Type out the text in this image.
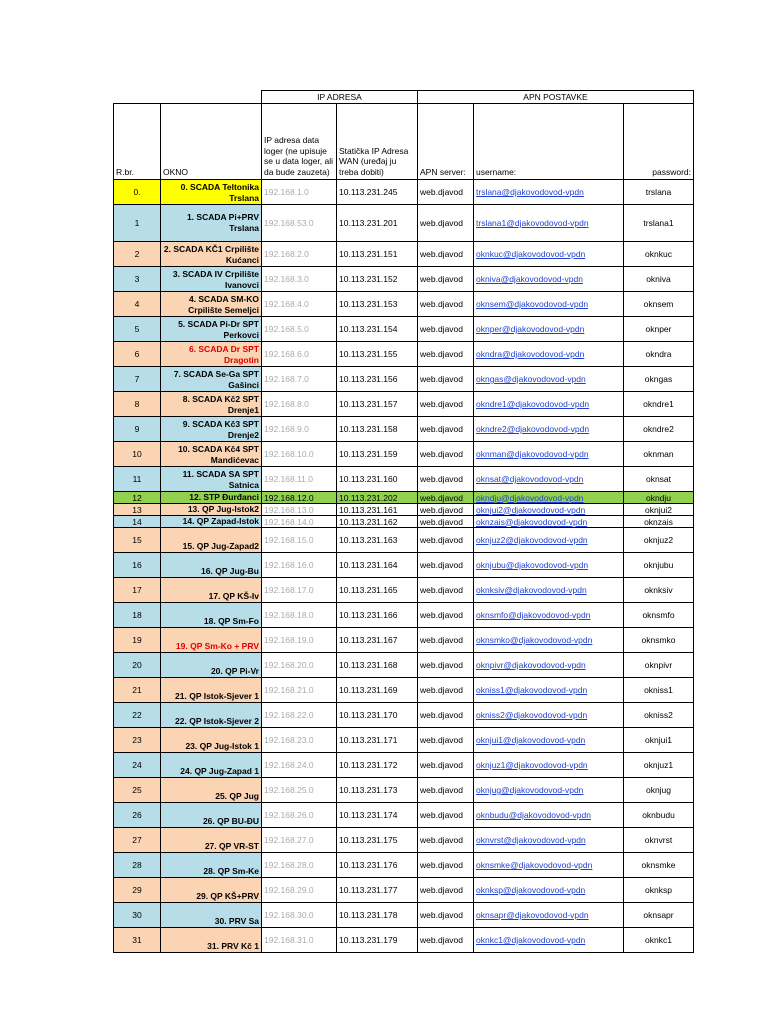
		IP ADRESA		APN POSTAVKE		
R.br.	OKNO	IP adresa data loger (ne upisuje se u data loger, ali da bude zauzeta)	Statička IP Adresa WAN (uređaj ju treba dobiti)	APN server:	username:	password:
0.	0. SCADA Teltonika Trslana	192.168.1.0	10.113.231.245	web.djavod	trslana@djakovodovod-vpdn	trslana
1	1. SCADA Pi+PRV Trslana	192.168.53.0	10.113.231.201	web.djavod	trslana1@djakovodovod-vpdn	trslana1
2	2. SCADA KČ1 Crpilište Kućanci	192.168.2.0	10.113.231.151	web.djavod	oknkuc@djakovodovod-vpdn	oknkuc
3	3. SCADA IV Crpilište Ivanovci	192.168.3.0	10.113.231.152	web.djavod	okniva@djakovodovod-vpdn	okniva
4	4. SCADA SM-KO Crpilište Semeljci	192.168.4.0	10.113.231.153	web.djavod	oknsem@djakovodovod-vpdn	oknsem
5	5. SCADA Pi-Dr SPT Perkovci	192.168.5.0	10.113.231.154	web.djavod	oknper@djakovodovod-vpdn	oknper
6	6. SCADA Dr SPT Dragotin	192.168.6.0	10.113.231.155	web.djavod	okndra@djakovodovod-vpdn	okndra
7	7. SCADA Se-Ga SPT Gašinci	192.168.7.0	10.113.231.156	web.djavod	okngas@djakovodovod-vpdn	okngas
8	8. SCADA Kč2 SPT Drenje1	192.168.8.0	10.113.231.157	web.djavod	okndre1@djakovodovod-vpdn	okndre1
9	9. SCADA Kč3 SPT Drenje2	192.168.9.0	10.113.231.158	web.djavod	okndre2@djakovodovod-vpdn	okndre2
10	10. SCADA Kč4 SPT Mandićevac	192.168.10.0	10.113.231.159	web.djavod	oknman@djakovodovod-vpdn	oknman
11	11. SCADA SA SPT Satnica	192.168.11.0	10.113.231.160	web.djavod	oknsat@djakovodovod-vpdn	oknsat
12	12. STP Đurđanci	192.168.12.0	10.113.231.202	web.djavod	okndju@djakovodovod-vpdn	okndju
13	13. QP Jug-Istok2	192.168.13.0	10.113.231.161	web.djavod	oknjui2@djakovodovod-vpdn	oknjui2
14	14. QP Zapad-Istok	192.168.14.0	10.113.231.162	web.djavod	oknzais@djakovodovod-vpdn	oknzais
15	15. QP Jug-Zapad2	192.168.15.0	10.113.231.163	web.djavod	oknjuz2@djakovodovod-vpdn	oknjuz2
16	16. QP Jug-Bu	192.168.16.0	10.113.231.164	web.djavod	oknjubu@djakovodovod-vpdn	oknjubu
17	17. QP KŠ-Iv	192.168.17.0	10.113.231.165	web.djavod	oknksiv@djakovodovod-vpdn	oknksiv
18	18. QP Sm-Fo	192.168.18.0	10.113.231.166	web.djavod	oknsmfo@djakovodovod-vpdn	oknsmfo
19	19. QP Sm-Ko + PRV	192.168.19.0	10.113.231.167	web.djavod	oknsmko@djakovodovod-vpdn	oknsmko
20	20. QP Pi-Vr	192.168.20.0	10.113.231.168	web.djavod	oknpivr@djakovodovod-vpdn	oknpivr
21	21. QP Istok-Sjever 1	192.168.21.0	10.113.231.169	web.djavod	okniss1@djakovodovod-vpdn	okniss1
22	22. QP Istok-Sjever 2	192.168.22.0	10.113.231.170	web.djavod	okniss2@djakovodovod-vpdn	okniss2
23	23. QP Jug-Istok 1	192.168.23.0	10.113.231.171	web.djavod	oknjui1@djakovodovod-vpdn	oknjui1
24	24. QP Jug-Zapad 1	192.168.24.0	10.113.231.172	web.djavod	oknjuz1@djakovodovod-vpdn	oknjuz1
25	25. QP Jug	192.168.25.0	10.113.231.173	web.djavod	oknjug@djakovodovod-vpdn	oknjug
26	26. QP BU-ĐU	192.168.26.0	10.113.231.174	web.djavod	oknbudu@djakovodovod-vpdn	oknbudu
27	27. QP VR-ST	192.168.27.0	10.113.231.175	web.djavod	oknvrst@djakovodovod-vpdn	oknvrst
28	28. QP Sm-Ke	192.168.28.0	10.113.231.176	web.djavod	oknsmke@djakovodovod-vpdn	oknsmke
29	29. QP KŠ+PRV	192.168.29.0	10.113.231.177	web.djavod	oknksp@djakovodovod-vpdn	oknksp
30	30. PRV Sa	192.168.30.0	10.113.231.178	web.djavod	oknsapr@djakovodovod-vpdn	oknsapr
31	31. PRV Kč 1	192.168.31.0	10.113.231.179	web.djavod	oknkc1@djakovodovod-vpdn	oknkc1
